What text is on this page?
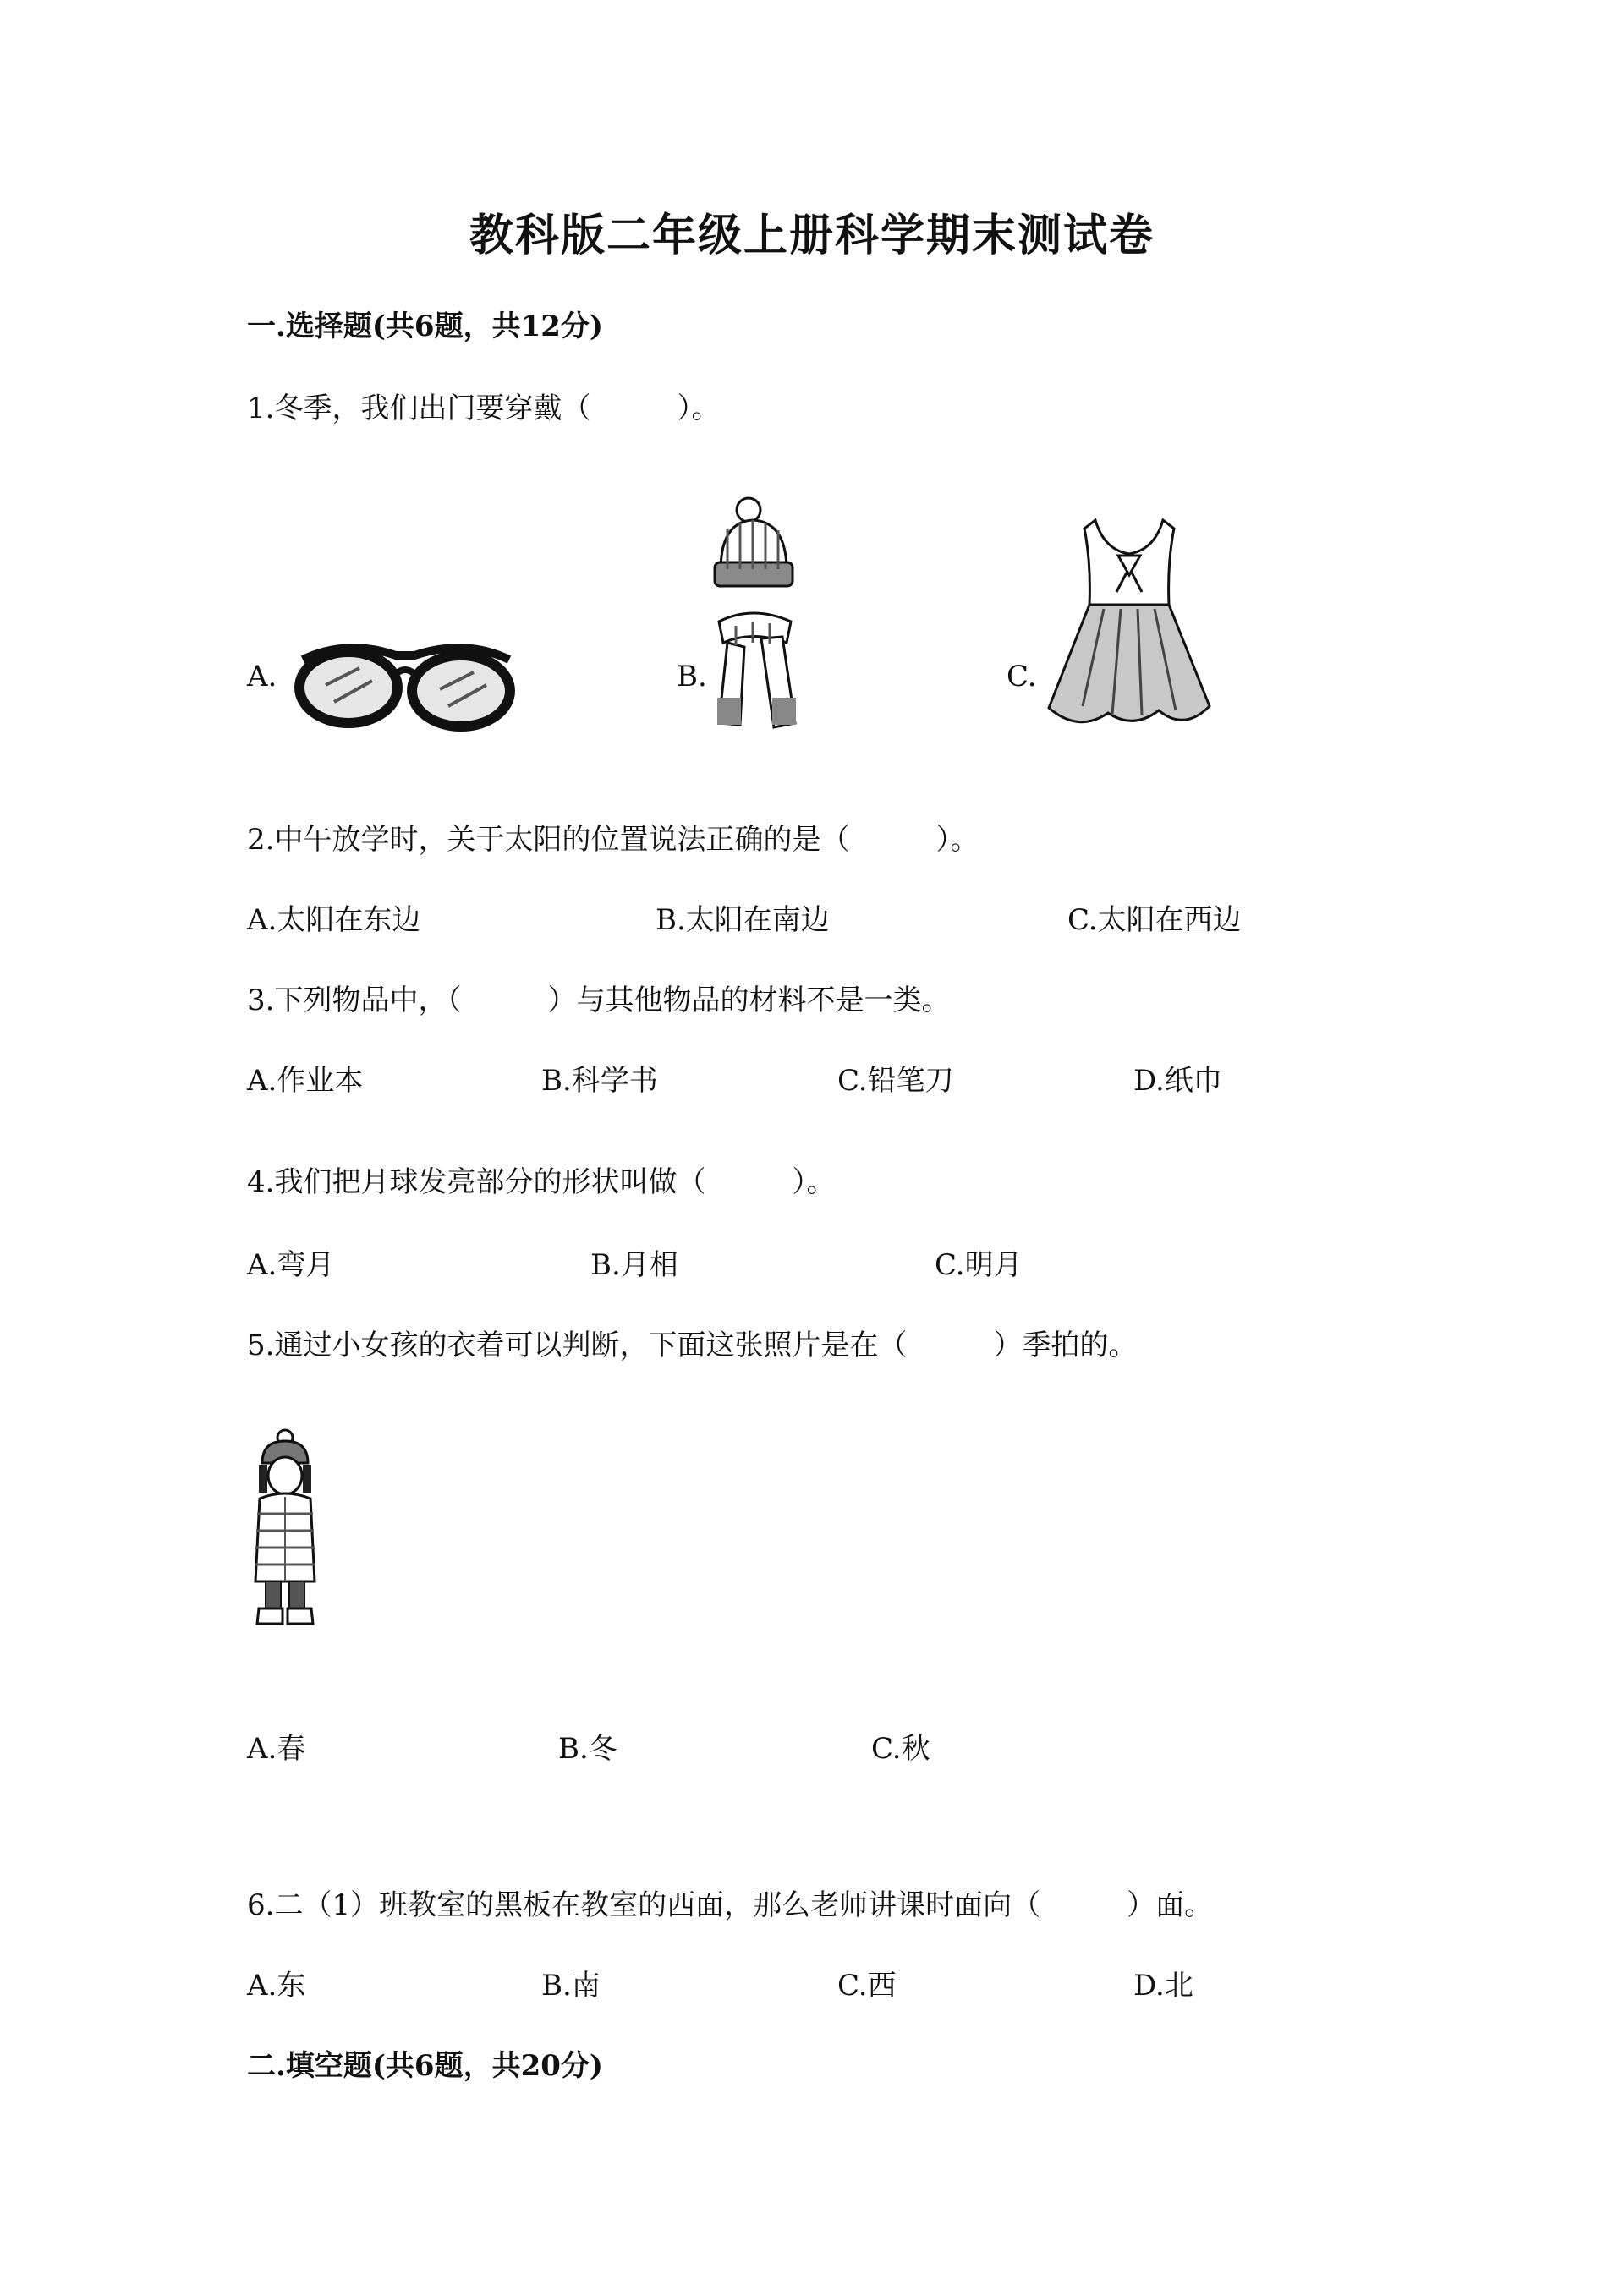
教科版二年级上册科学期末测试卷
一.选择题(共6题，共12分)
1.冬季，我们出门要穿戴（　　　）。
A.	B.	C.
2.中午放学时，关于太阳的位置说法正确的是（　　　）。
A.太阳在东边	B.太阳在南边	C.太阳在西边
3.下列物品中，（　　　）与其他物品的材料不是一类。
A.作业本	B.科学书	C.铅笔刀	D.纸巾
4.我们把月球发亮部分的形状叫做（　　　）。
A.弯月	B.月相	C.明月
5.通过小女孩的衣着可以判断，下面这张照片是在（　　　）季拍的。
A.春	B.冬	C.秋
6.二（1）班教室的黑板在教室的西面，那么老师讲课时面向（　　　）面。
A.东	B.南	C.西	D.北
二.填空题(共6题，共20分)
